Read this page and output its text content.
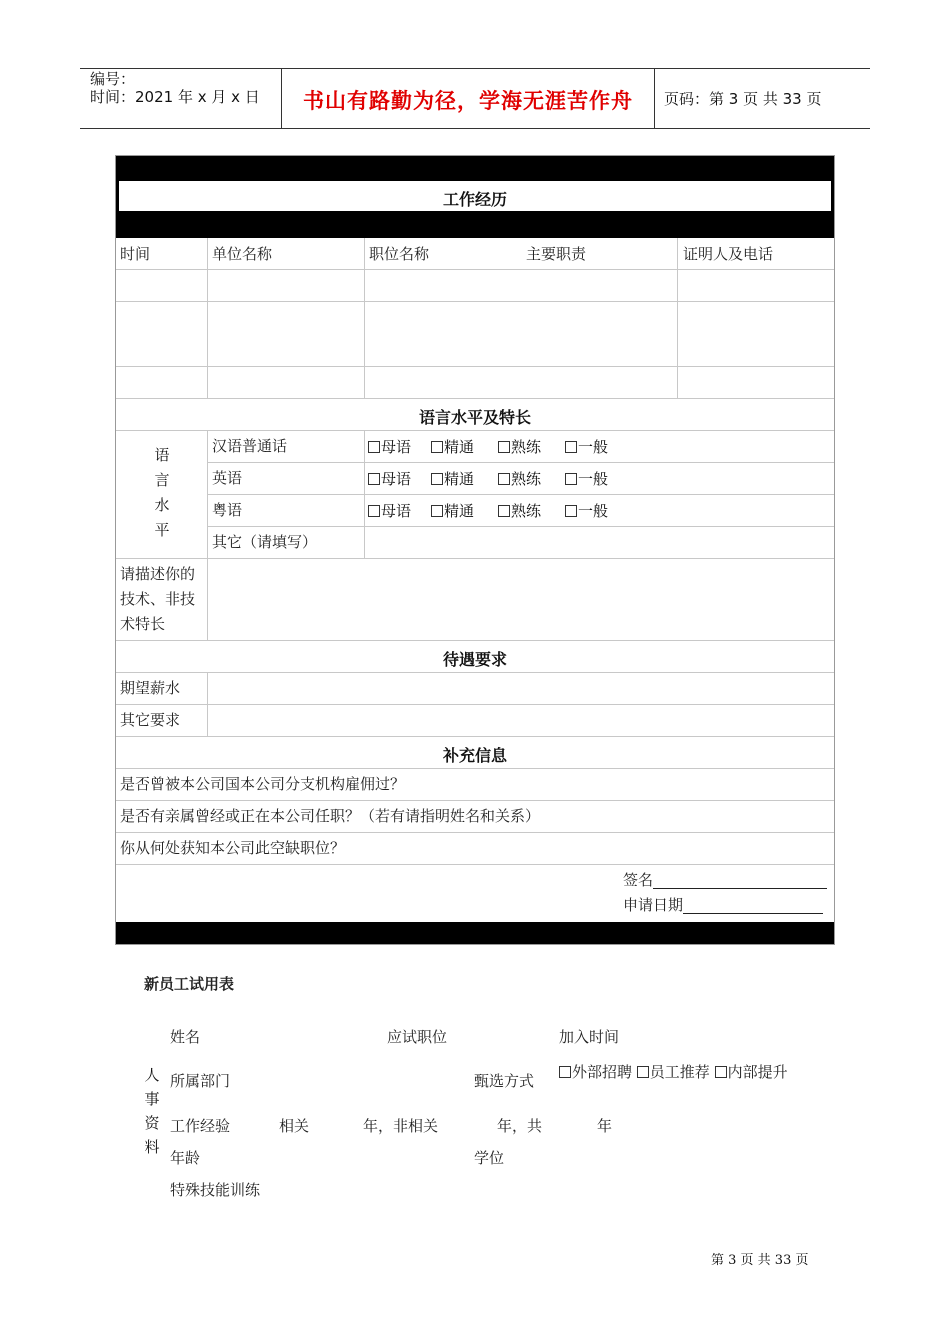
编号：
时间：2021 年 x 月 x 日	书山有路勤为径，学海无涯苦作舟	页码：第 3 页 共 33 页
工作经历
时间	单位名称	职位名称	主要职责	证明人及电话
语言水平及特长
语
言
水
平
汉语普通话	母语	精通	熟练	一般
英语	母语	精通	熟练	一般
粤语	母语	精通	熟练	一般
其它（请填写）
请描述你的技术、非技术特长
待遇要求
期望薪水
其它要求
补充信息
是否曾被本公司国本公司分支机构雇佣过？
是否有亲属曾经或正在本公司任职？（若有请指明姓名和关系）
你从何处获知本公司此空缺职位？
签名
申请日期
新员工试用表
人
事
资
料
姓名	应试职位	加入时间
所属部门	甄选方式	外部招聘 员工推荐 内部提升
工作经验	相关	年，非相关	年，共	年
年龄	学位
特殊技能训练
第 3 页 共 33 页
